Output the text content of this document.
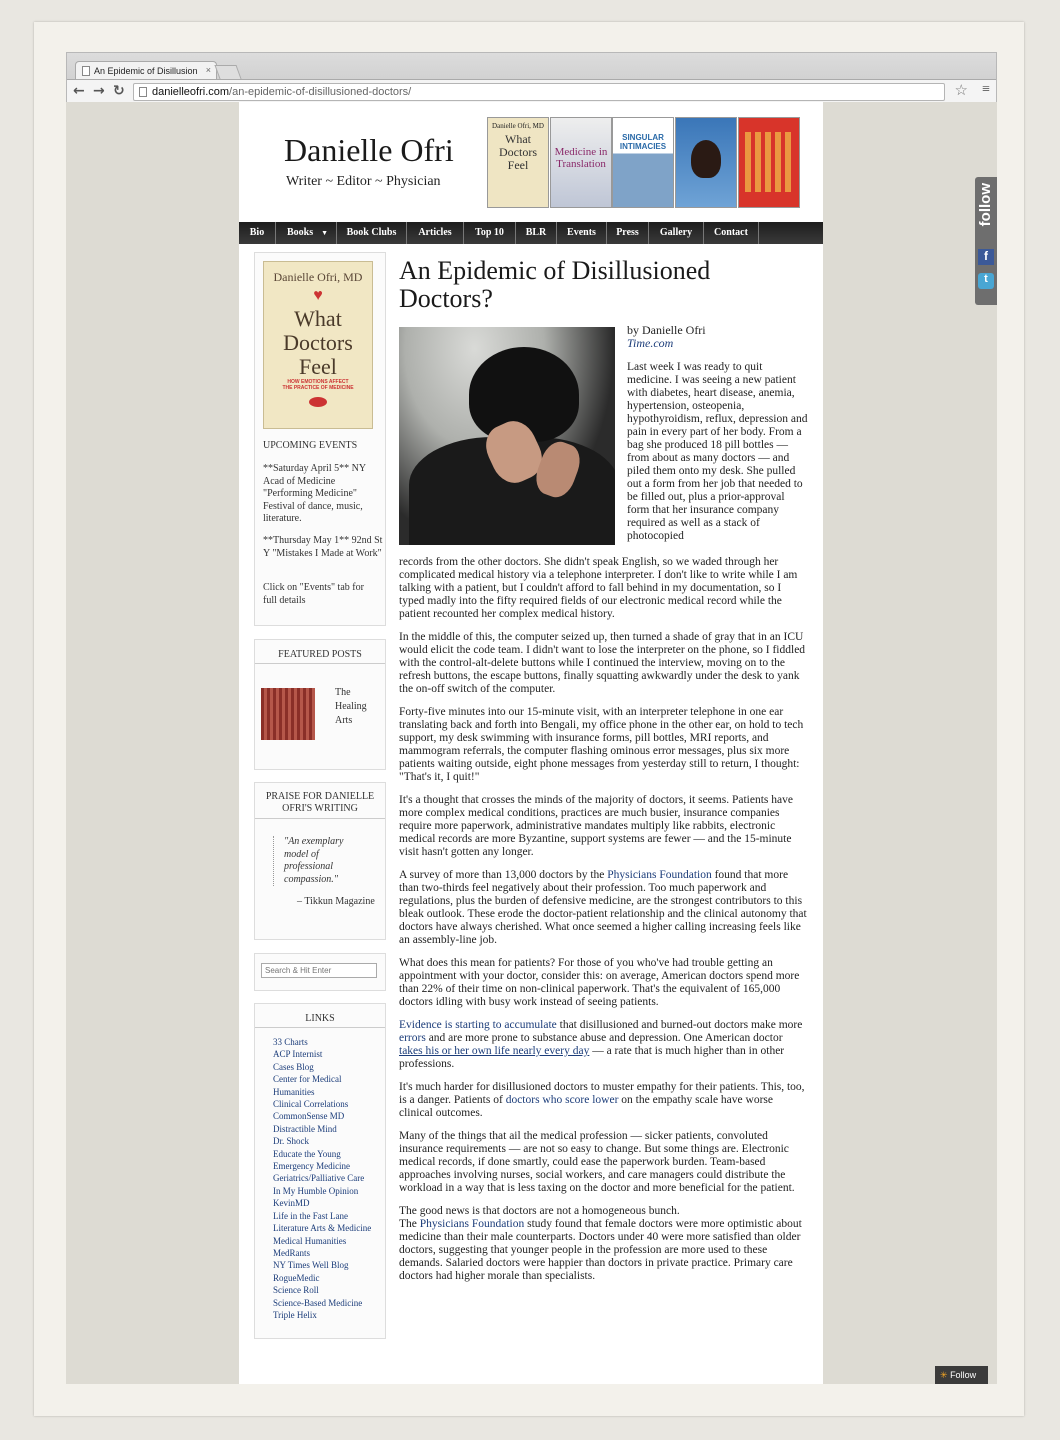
An Epidemic of Disillusion ×
← → ↻	danielleofri.com/an-epidemic-of-disillusioned-doctors/	☆ ≡
Danielle Ofri
Writer ~ Editor ~ Physician
Danielle Ofri, MD
What Doctors Feel
Medicine in Translation
SINGULAR INTIMACIES
Bio	Books ▼	Book Clubs	Articles	Top 10	BLR	Events	Press	Gallery	Contact
Danielle Ofri, MD
♥
What Doctors Feel
HOW EMOTIONS AFFECT
THE PRACTICE OF MEDICINE
UPCOMING EVENTS
**Saturday April 5** NY Acad of Medicine "Performing Medicine" Festival of dance, music, literature.
**Thursday May 1** 92nd St Y "Mistakes I Made at Work"
Click on "Events" tab for full details
FEATURED POSTS
The Healing Arts
PRAISE FOR DANIELLE OFRI'S WRITING
"An exemplary model of professional compassion."
– Tikkun Magazine
Search & Hit Enter
LINKS
33 Charts
ACP Internist
Cases Blog
Center for Medical Humanities
Clinical Correlations
CommonSense MD
Distractible Mind
Dr. Shock
Educate the Young
Emergency Medicine
Geriatrics/Palliative Care
In My Humble Opinion
KevinMD
Life in the Fast Lane
Literature Arts & Medicine
Medical Humanities
MedRants
NY Times Well Blog
RogueMedic
Science Roll
Science-Based Medicine
Triple Helix
An Epidemic of Disillusioned Doctors?
by Danielle Ofri
Time.com
Last week I was ready to quit medicine. I was seeing a new patient with diabetes, heart disease, anemia, hypertension, osteopenia, hypothyroidism, reflux, depression and pain in every part of her body. From a bag she produced 18 pill bottles — from about as many doctors — and piled them onto my desk. She pulled out a form from her job that needed to be filled out, plus a prior-approval form that her insurance company required as well as a stack of photocopied

records from the other doctors. She didn't speak English, so we waded through her complicated medical history via a telephone interpreter. I don't like to write while I am talking with a patient, but I couldn't afford to fall behind in my documentation, so I typed madly into the fifty required fields of our electronic medical record while the patient recounted her complex medical history.

In the middle of this, the computer seized up, then turned a shade of gray that in an ICU would elicit the code team. I didn't want to lose the interpreter on the phone, so I fiddled with the control-alt-delete buttons while I continued the interview, moving on to the refresh buttons, the escape buttons, finally squatting awkwardly under the desk to yank the on-off switch of the computer.

Forty-five minutes into our 15-minute visit, with an interpreter telephone in one ear translating back and forth into Bengali, my office phone in the other ear, on hold to tech support, my desk swimming with insurance forms, pill bottles, MRI reports, and mammogram referrals, the computer flashing ominous error messages, plus six more patients waiting outside, eight phone messages from yesterday still to return, I thought: "That's it, I quit!"

It's a thought that crosses the minds of the majority of doctors, it seems. Patients have more complex medical conditions, practices are much busier, insurance companies require more paperwork, administrative mandates multiply like rabbits, electronic medical records are more Byzantine, support systems are fewer — and the 15-minute visit hasn't gotten any longer.

A survey of more than 13,000 doctors by the Physicians Foundation found that more than two-thirds feel negatively about their profession. Too much paperwork and regulations, plus the burden of defensive medicine, are the strongest contributors to this bleak outlook. These erode the doctor-patient relationship and the clinical autonomy that doctors have always cherished. What once seemed a higher calling increasing feels like an assembly-line job.

What does this mean for patients? For those of you who've had trouble getting an appointment with your doctor, consider this: on average, American doctors spend more than 22% of their time on non-clinical paperwork. That's the equivalent of 165,000 doctors idling with busy work instead of seeing patients.

Evidence is starting to accumulate that disillusioned and burned-out doctors make more errors and are more prone to substance abuse and depression. One American doctor takes his or her own life nearly every day — a rate that is much higher than in other professions.

It's much harder for disillusioned doctors to muster empathy for their patients. This, too, is a danger. Patients of doctors who score lower on the empathy scale have worse clinical outcomes.

Many of the things that ail the medical profession — sicker patients, convoluted insurance requirements — are not so easy to change. But some things are. Electronic medical records, if done smartly, could ease the paperwork burden. Team-based approaches involving nurses, social workers, and care managers could distribute the workload in a way that is less taxing on the doctor and more beneficial for the patient.

The good news is that doctors are not a homogeneous bunch.
The Physicians Foundation study found that female doctors were more optimistic about medicine than their male counterparts. Doctors under 40 were more satisfied than older doctors, suggesting that younger people in the profession are more used to these demands. Salaried doctors were happier than doctors in private practice. Primary care doctors had higher morale than specialists.

follow
f
t
✳ Follow
